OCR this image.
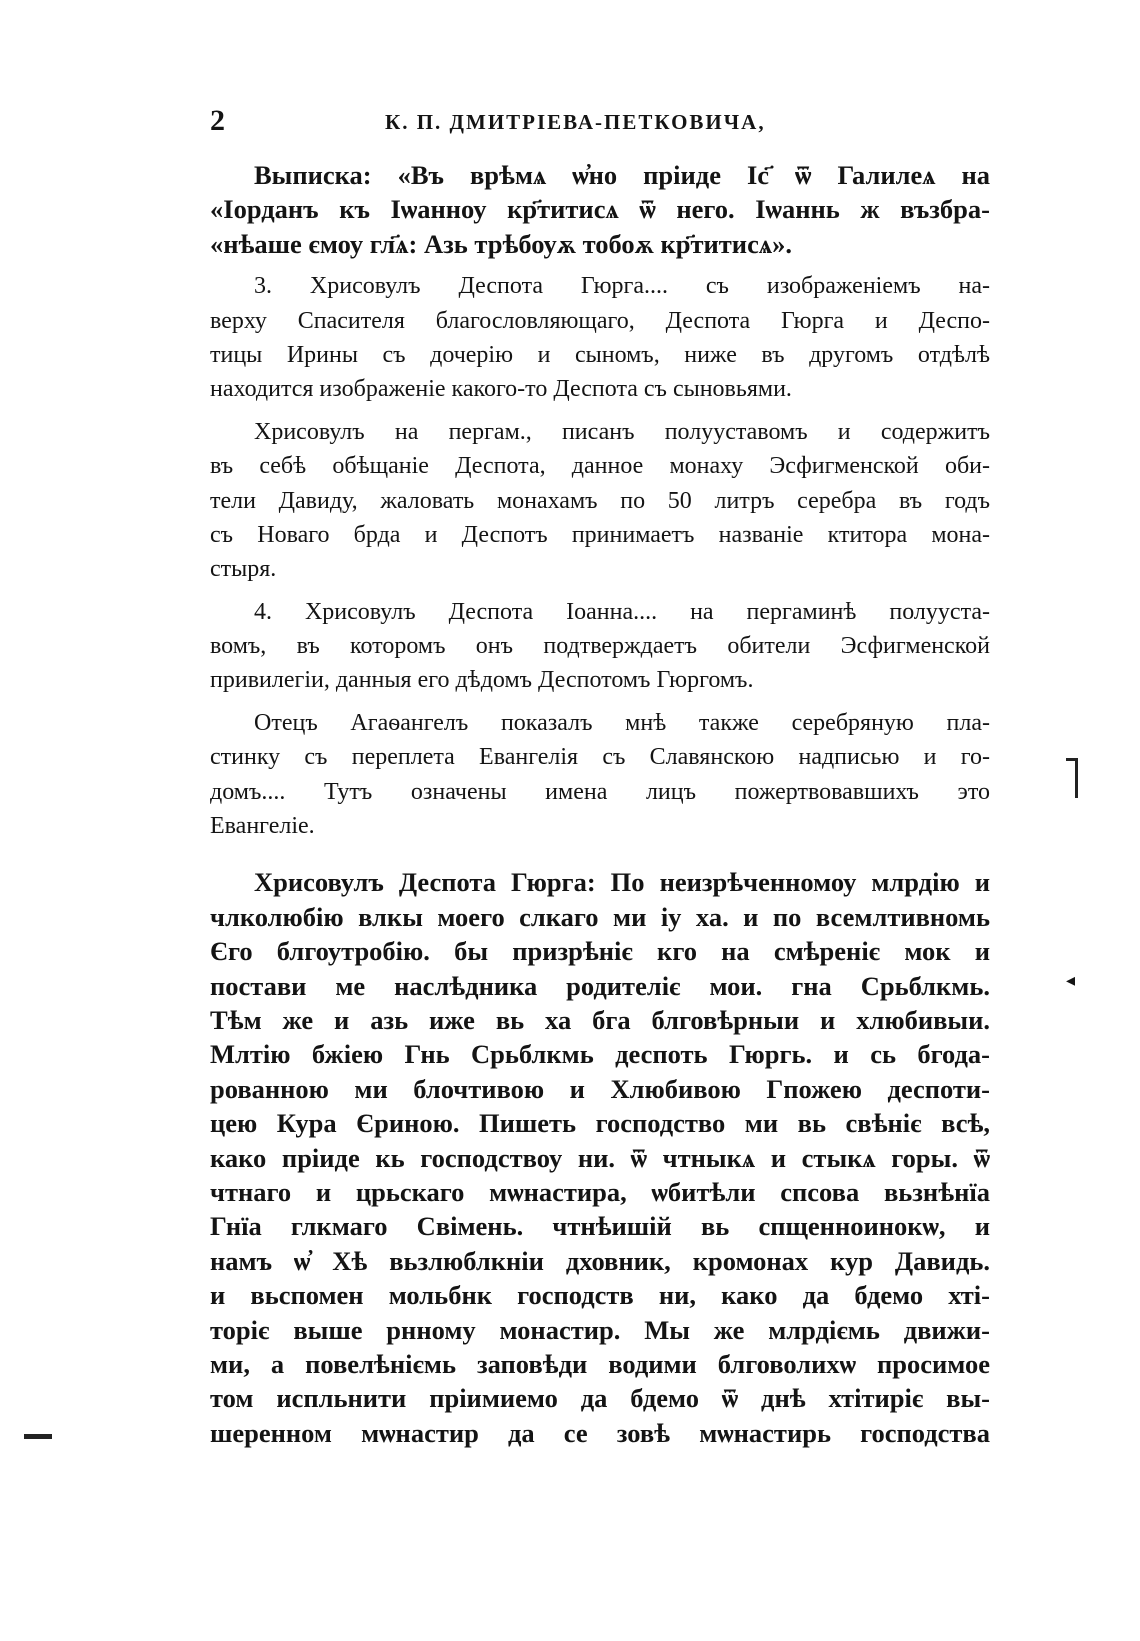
2	К. П. ДМИТРІЕВА-ПЕТКОВИЧА,
Выписка: «Въ врѣмѧ ѡ̓но пріиде Іс҃ ѿ Галилеѧ на
«Іорданъ къ Іѡанноу кр҃титисѧ ѿ него. Іѡаннь ж възбра-
«нѣаше ємоу гл҃ѧ: Азь трѣбоуѫ тобоѫ кр҃титисѧ».
3. Хрисовулъ Деспота Гюрга.... съ изображеніемъ на-
верху Спасителя благословляющаго, Деспота Гюрга и Деспо-
тицы Ирины съ дочерію и сыномъ, ниже въ другомъ отдѣлѣ
находится изображеніе какого-то Деспота съ сыновьями.
Хрисовулъ на пергам., писанъ полууставомъ и содержитъ
въ себѣ обѣщаніе Деспота, данное монаху Эсфигменской оби-
тели Давиду, жаловать монахамъ по 50 литръ серебра въ годъ
съ Новаго брда и Деспотъ принимаетъ названіе ктитора мона-
стыря.
4. Хрисовулъ Деспота Іоанна.... на пергаминѣ полууста-
вомъ, въ которомъ онъ подтверждаетъ обители Эсфигменской
привилегіи, данныя его дѣдомъ Деспотомъ Гюргомъ.
Отецъ Агаѳангелъ показалъ мнѣ также серебряную пла-
стинку съ переплета Евангелія съ Славянскою надписью и го-
домъ.... Тутъ означены имена лицъ пожертвовавшихъ это
Евангеліе.
Хрисовулъ Деспота Гюрга: По неизрѣченномоу млрдію и
члколюбію влкы моего слкаго ми іу ха. и по всемлтивномь
Єго блгоутробію. бы призрѣніє кго на смѣреніє мок и
постави ме наслѣдника родителіє мои. гна Срьблкмь.
Тѣм же и азь иже вь ха бга блговѣрныи и хлюбивыи.
Млтію бжіею Гнь Срьблкмь деспоть Гюргь. и сь бгода-
рованною ми блочтивою и Хлюбивою Гпожею деспоти-
цею Кура Єриною. Пишеть господство ми вь свѣніє всѣ,
како пріиде кь господствоу ни. ѿ чтныкѧ и стыкѧ горы. ѿ
чтнаго и црьскаго мѡнастира, ѡбитѣли спсова вьзнѣнїа
Гнїа глкмаго Свімень. чтнѣишій вь спщенноинокѡ, и
намъ ѡ̓ Хѣ вьзлюблкніи дховник, кромонах кур Давидь.
и вьспомен мольбнк господств ни, како да бдемо хті-
торіє выше рнному монастир. Мы же млрдіємь движи-
ми, а повелѣніємь заповѣди водими блговолихѡ просимое
том испльнити пріимиемо да бдемо ѿ днѣ хтітиріє вы-
шеренном мѡнастир да се зовѣ мѡнастирь господства
◂
